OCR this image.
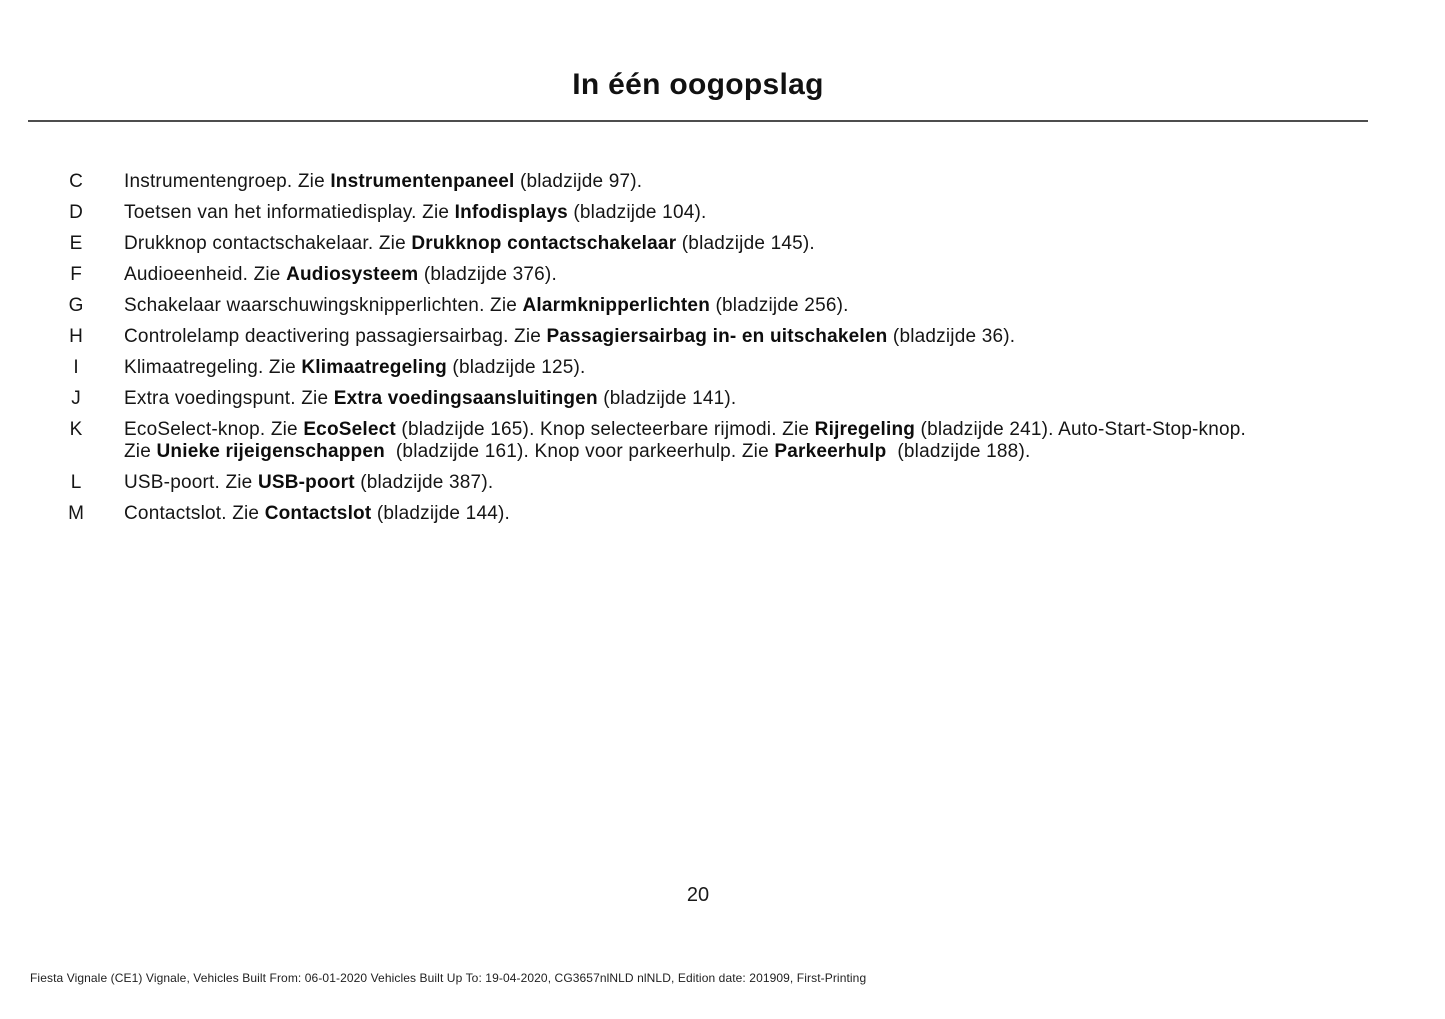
In één oogopslag
C	Instrumentengroep. Zie Instrumentenpaneel (bladzijde 97).
D	Toetsen van het informatiedisplay. Zie Infodisplays (bladzijde 104).
E	Drukknop contactschakelaar. Zie Drukknop contactschakelaar (bladzijde 145).
F	Audioeenheid. Zie Audiosysteem (bladzijde 376).
G	Schakelaar waarschuwingsknipperlichten. Zie Alarmknipperlichten (bladzijde 256).
H	Controlelamp deactivering passagiersairbag. Zie Passagiersairbag in- en uitschakelen (bladzijde 36).
I	Klimaatregeling. Zie Klimaatregeling (bladzijde 125).
J	Extra voedingspunt. Zie Extra voedingsaansluitingen (bladzijde 141).
K	EcoSelect-knop. Zie EcoSelect (bladzijde 165). Knop selecteerbare rijmodi. Zie Rijregeling (bladzijde 241). Auto-Start-Stop-knop.
Zie Unieke rijeigenschappen  (bladzijde 161). Knop voor parkeerhulp. Zie Parkeerhulp  (bladzijde 188).
L	USB-poort. Zie USB-poort (bladzijde 387).
M	Contactslot. Zie Contactslot (bladzijde 144).
20
Fiesta Vignale (CE1) Vignale, Vehicles Built From: 06-01-2020 Vehicles Built Up To: 19-04-2020, CG3657nlNLD nlNLD, Edition date: 201909, First-Printing
